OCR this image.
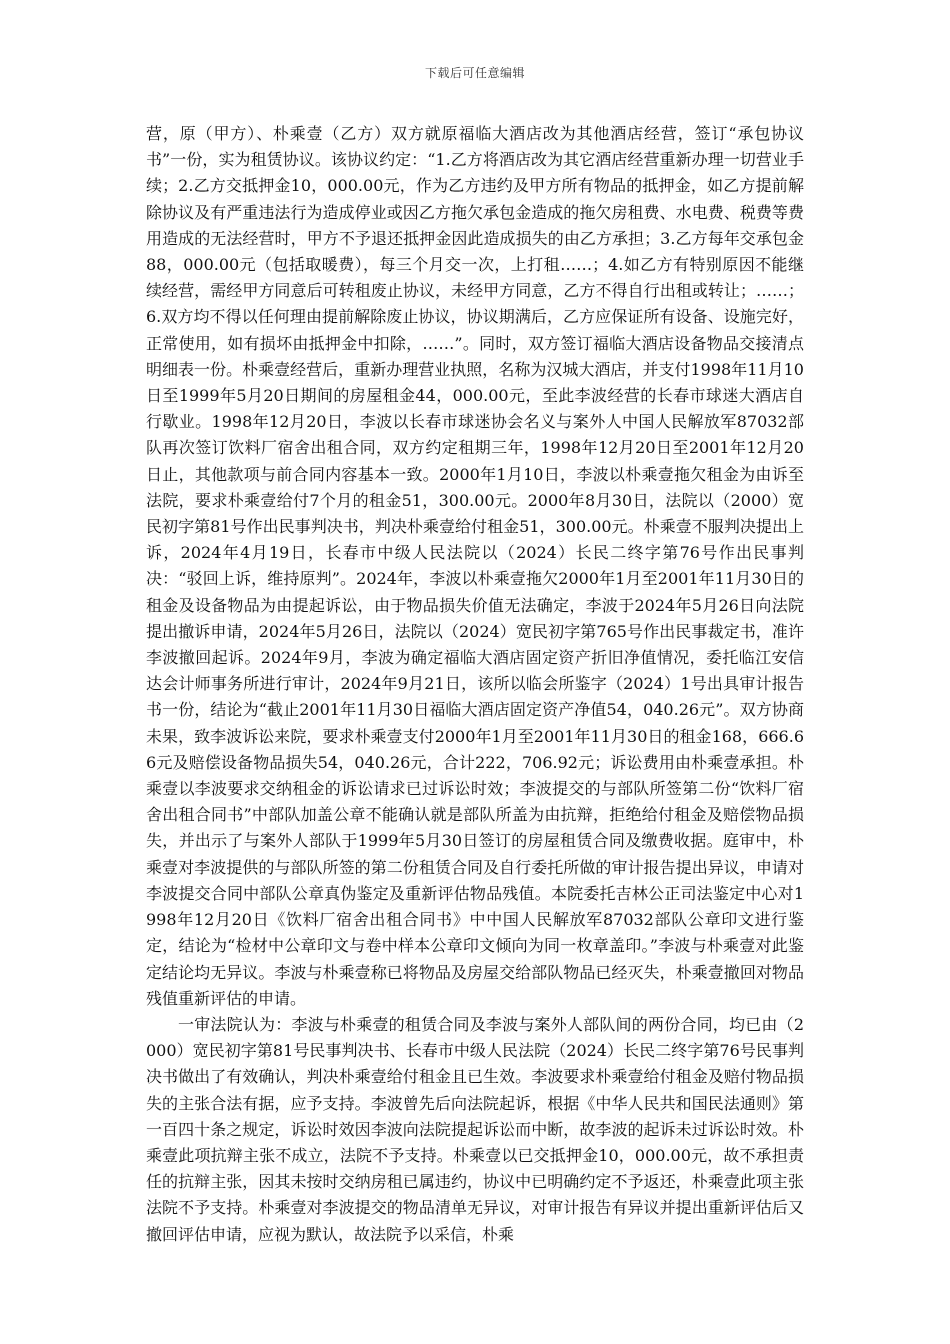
下载后可任意编辑

营，原（甲方）、朴乘壹（乙方）双方就原福临大酒店改为其他酒店经营，签订“承包协议书”一份，实为租赁协议。该协议约定：“1.乙方将酒店改为其它酒店经营重新办理一切营业手续；2.乙方交抵押金10，000.00元，作为乙方违约及甲方所有物品的抵押金，如乙方提前解除协议及有严重违法行为造成停业或因乙方拖欠承包金造成的拖欠房租费、水电费、税费等费用造成的无法经营时，甲方不予退还抵押金因此造成损失的由乙方承担；3.乙方每年交承包金88，000.00元（包括取暖费），每三个月交一次，上打租……；4.如乙方有特别原因不能继续经营，需经甲方同意后可转租废止协议，未经甲方同意，乙方不得自行出租或转让；……；6.双方均不得以任何理由提前解除废止协议，协议期满后，乙方应保证所有设备、设施完好，正常使用，如有损坏由抵押金中扣除，……”。同时，双方签订福临大酒店设备物品交接清点明细表一份。朴乘壹经营后，重新办理营业执照，名称为汉城大酒店，并支付1998年11月10日至1999年5月20日期间的房屋租金44，000.00元，至此李波经营的长春市球迷大酒店自行歇业。1998年12月20日，李波以长春市球迷协会名义与案外人中国人民解放军87032部队再次签订饮料厂宿舍出租合同，双方约定租期三年，1998年12月20日至2001年12月20日止，其他款项与前合同内容基本一致。2000年1月10日，李波以朴乘壹拖欠租金为由诉至法院，要求朴乘壹给付7个月的租金51，300.00元。2000年8月30日，法院以（2000）宽民初字第81号作出民事判决书，判决朴乘壹给付租金51，300.00元。朴乘壹不服判决提出上诉，2024年4月19日，长春市中级人民法院以（2024）长民二终字第76号作出民事判决：“驳回上诉，维持原判”。2024年，李波以朴乘壹拖欠2000年1月至2001年11月30日的租金及设备物品为由提起诉讼，由于物品损失价值无法确定，李波于2024年5月26日向法院提出撤诉申请，2024年5月26日，法院以（2024）宽民初字第765号作出民事裁定书，准许李波撤回起诉。2024年9月，李波为确定福临大酒店固定资产折旧净值情况，委托临江安信达会计师事务所进行审计，2024年9月21日，该所以临会所鉴字（2024）1号出具审计报告书一份，结论为“截止2001年11月30日福临大酒店固定资产净值54，040.26元”。双方协商未果，致李波诉讼来院，要求朴乘壹支付2000年1月至2001年11月30日的租金168，666.66元及赔偿设备物品损失54，040.26元，合计222，706.92元；诉讼费用由朴乘壹承担。朴乘壹以李波要求交纳租金的诉讼请求已过诉讼时效；李波提交的与部队所签第二份“饮料厂宿舍出租合同书”中部队加盖公章不能确认就是部队所盖为由抗辩，拒绝给付租金及赔偿物品损失，并出示了与案外人部队于1999年5月30日签订的房屋租赁合同及缴费收据。庭审中，朴乘壹对李波提供的与部队所签的第二份租赁合同及自行委托所做的审计报告提出异议，申请对李波提交合同中部队公章真伪鉴定及重新评估物品残值。本院委托吉林公正司法鉴定中心对1998年12月20日《饮料厂宿舍出租合同书》中中国人民解放军87032部队公章印文进行鉴定，结论为“检材中公章印文与卷中样本公章印文倾向为同一枚章盖印。”李波与朴乘壹对此鉴定结论均无异议。李波与朴乘壹称已将物品及房屋交给部队物品已经灭失，朴乘壹撤回对物品残值重新评估的申请。

一审法院认为：李波与朴乘壹的租赁合同及李波与案外人部队间的两份合同，均已由（2000）宽民初字第81号民事判决书、长春市中级人民法院（2024）长民二终字第76号民事判决书做出了有效确认，判决朴乘壹给付租金且已生效。李波要求朴乘壹给付租金及赔付物品损失的主张合法有据，应予支持。李波曾先后向法院起诉，根据《中华人民共和国民法通则》第一百四十条之规定，诉讼时效因李波向法院提起诉讼而中断，故李波的起诉未过诉讼时效。朴乘壹此项抗辩主张不成立，法院不予支持。朴乘壹以已交抵押金10，000.00元，故不承担责任的抗辩主张，因其未按时交纳房租已属违约，协议中已明确约定不予返还，朴乘壹此项主张法院不予支持。朴乘壹对李波提交的物品清单无异议，对审计报告有异议并提出重新评估后又撤回评估申请，应视为默认，故法院予以采信，朴乘
